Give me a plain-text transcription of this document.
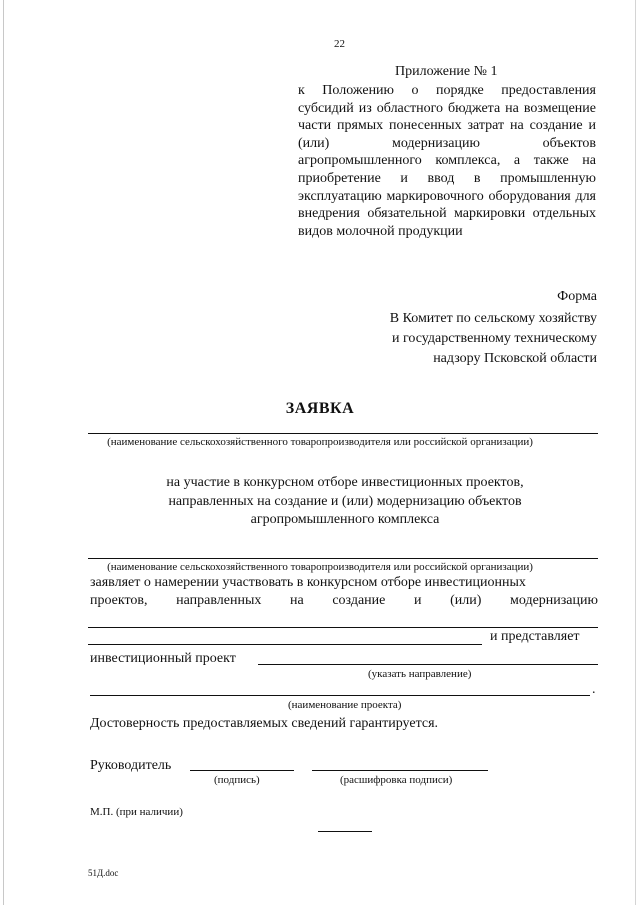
22
Приложение № 1
к Положению о порядке предоставления субсидий из областного бюджета на возмещение части прямых понесенных затрат на создание и (или) модернизацию объектов агропромышленного комплекса, а также на приобретение и ввод в промышленную эксплуатацию маркировочного оборудования для внедрения обязательной маркировки отдельных видов молочной продукции
Форма
В Комитет по сельскому хозяйству
и государственному техническому
надзору Псковской области
ЗАЯВКА
(наименование сельскохозяйственного товаропроизводителя или российской организации)
на участие в конкурсном отборе инвестиционных проектов,
направленных на создание и (или) модернизацию объектов
агропромышленного комплекса
(наименование сельскохозяйственного товаропроизводителя или российской организации)
заявляет о намерении участвовать в конкурсном отборе инвестиционных
проектов, направленных на создание и (или) модернизацию
и представляет
инвестиционный проект
(указать направление)
.
(наименование проекта)
Достоверность предоставляемых сведений гарантируется.
Руководитель
(подпись)	(расшифровка подписи)
М.П. (при наличии)
51Д.doc
